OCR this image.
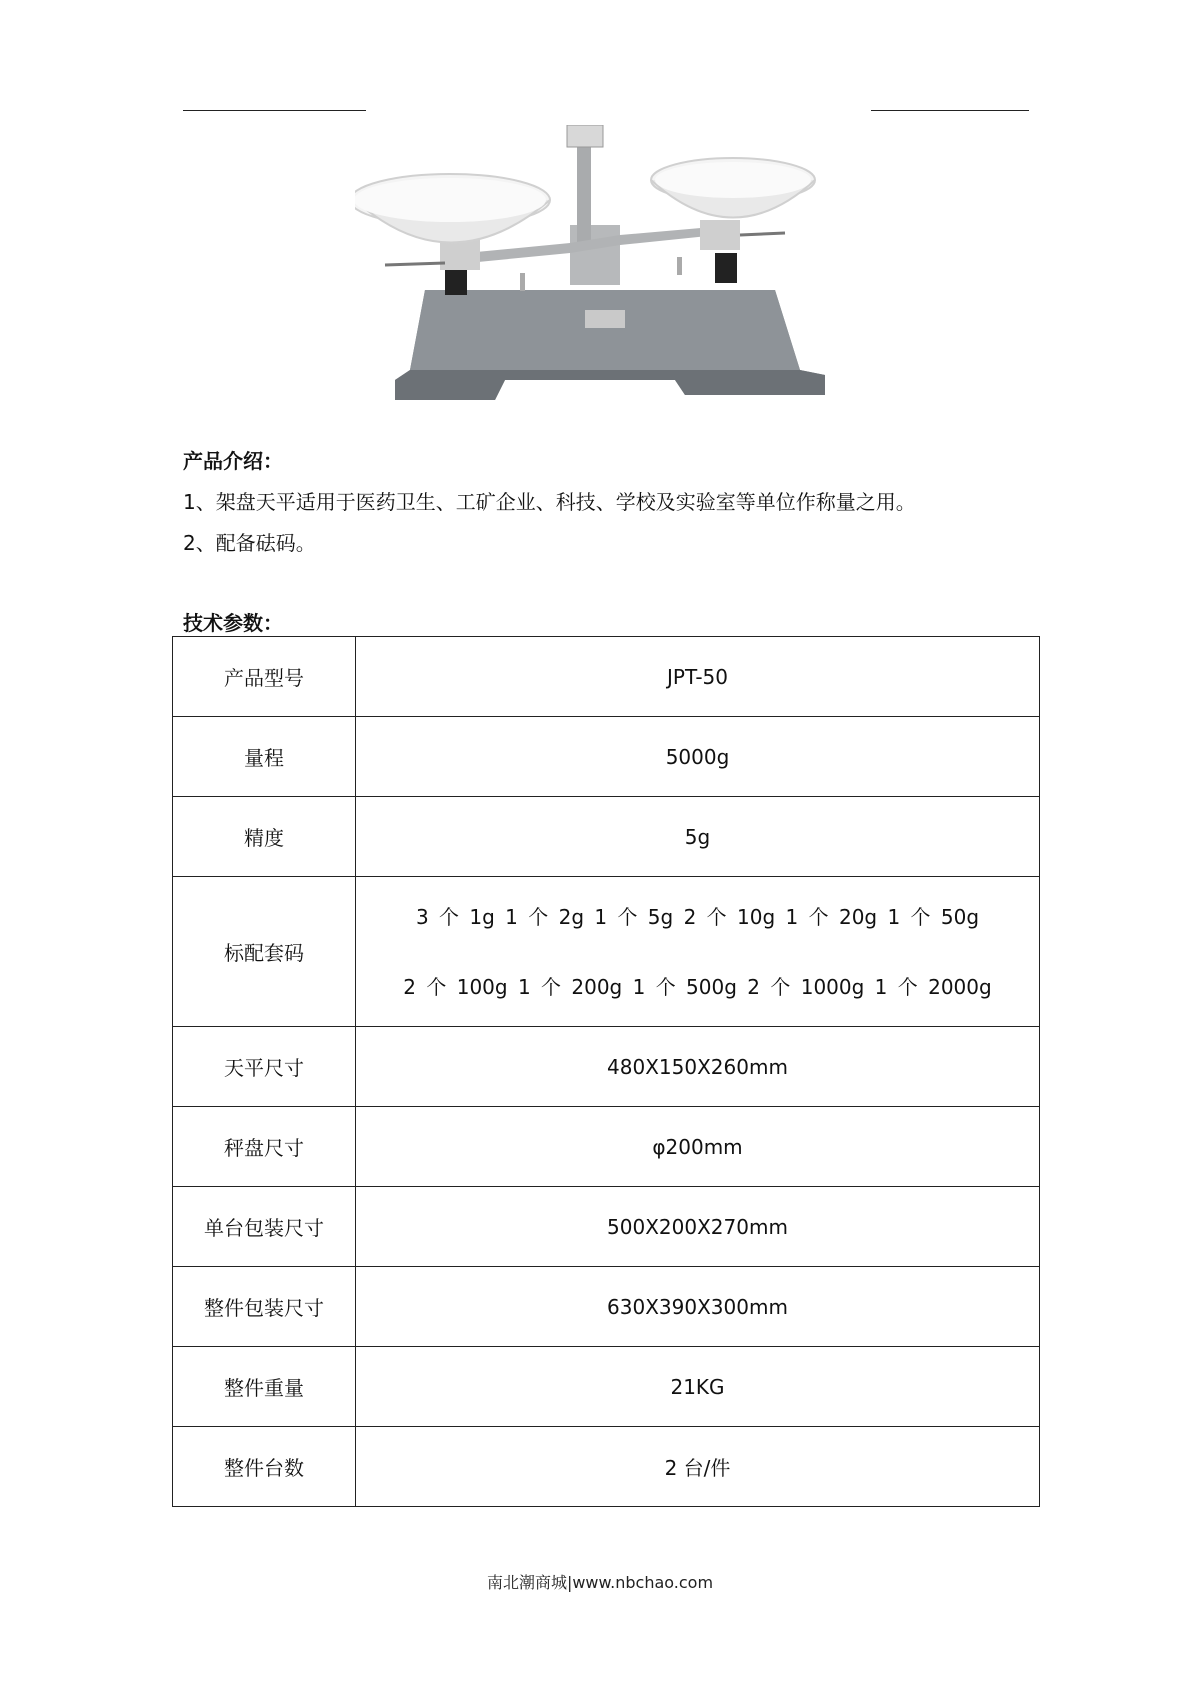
产品介绍：
1、架盘天平适用于医药卫生、工矿企业、科技、学校及实验室等单位作称量之用。
2、配备砝码。
技术参数：
产品型号	JPT-50
量程	5000g
精度	5g
标配套码	3 个 1g 1 个 2g 1 个 5g 2 个 10g 1 个 20g 1 个 50g
2 个 100g 1 个 200g 1 个 500g 2 个 1000g 1 个 2000g

天平尺寸	480X150X260mm
秤盘尺寸	φ200mm
单台包装尺寸	500X200X270mm
整件包装尺寸	630X390X300mm
整件重量	21KG
整件台数	2 台/件
南北潮商城|www.nbchao.com
